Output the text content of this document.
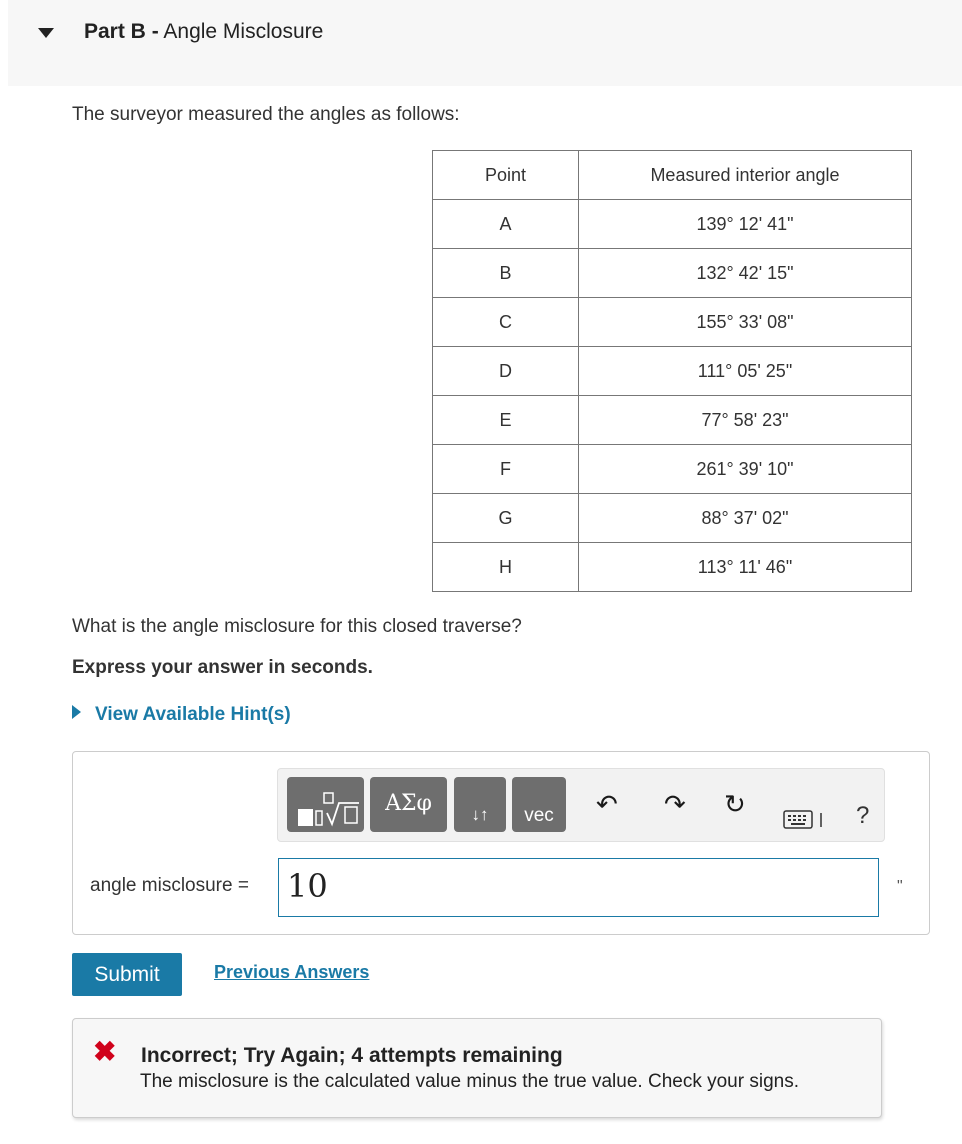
Part B - Angle Misclosure
The surveyor measured the angles as follows:
Point	Measured interior angle
A	139° 12' 41"
B	132° 42' 15"
C	155° 33' 08"
D	111° 05' 25"
E	77° 58' 23"
F	261° 39' 10"
G	88° 37' 02"
H	113° 11' 46"
What is the angle misclosure for this closed traverse?
Express your answer in seconds.
View Available Hint(s)
ΑΣφ	↓↑	vec	↶ ↷ ↻	?
angle misclosure = 10	"
Submit	Previous Answers
✖ Incorrect; Try Again; 4 attempts remaining
The misclosure is the calculated value minus the true value. Check your signs.
